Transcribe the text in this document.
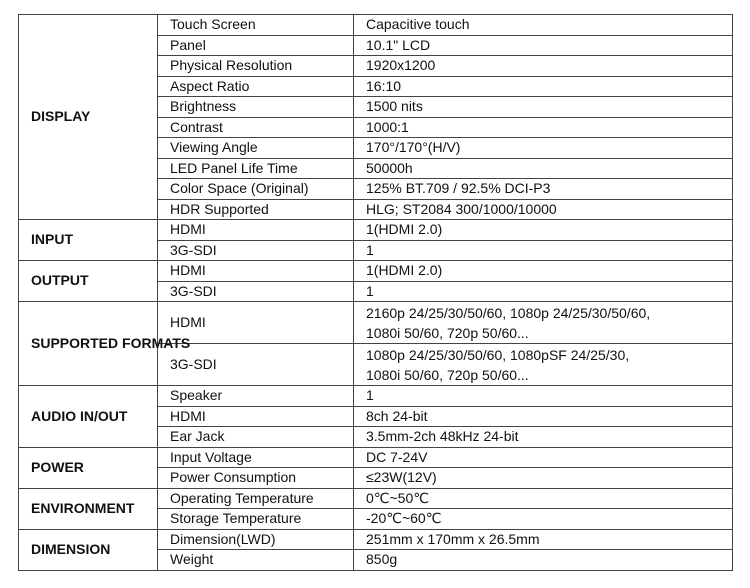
DISPLAY	Touch Screen	Capacitive touch
	Panel	10.1" LCD
	Physical Resolution	1920x1200
	Aspect Ratio	16:10
	Brightness	1500 nits
	Contrast	1000:1
	Viewing Angle	170°/170°(H/V)
	LED Panel Life Time	50000h
	Color Space (Original)	125% BT.709 / 92.5% DCI-P3
	HDR Supported	HLG; ST2084 300/1000/10000
INPUT	HDMI	1(HDMI 2.0)
	3G-SDI	1
OUTPUT	HDMI	1(HDMI 2.0)
	3G-SDI	1
SUPPORTED FORMATS	HDMI	2160p 24/25/30/50/60, 1080p 24/25/30/50/60,
1080i 50/60, 720p 50/60...

	3G-SDI	1080p 24/25/30/50/60, 1080pSF 24/25/30,
1080i 50/60, 720p 50/60...

AUDIO IN/OUT	Speaker	1
	HDMI	8ch 24-bit
	Ear Jack	3.5mm-2ch 48kHz 24-bit
POWER	Input Voltage	DC 7-24V
	Power Consumption	≤23W(12V)
ENVIRONMENT	Operating Temperature	0℃~50℃
	Storage Temperature	-20℃~60℃
DIMENSION	Dimension(LWD)	251mm x 170mm x 26.5mm
	Weight	850g
